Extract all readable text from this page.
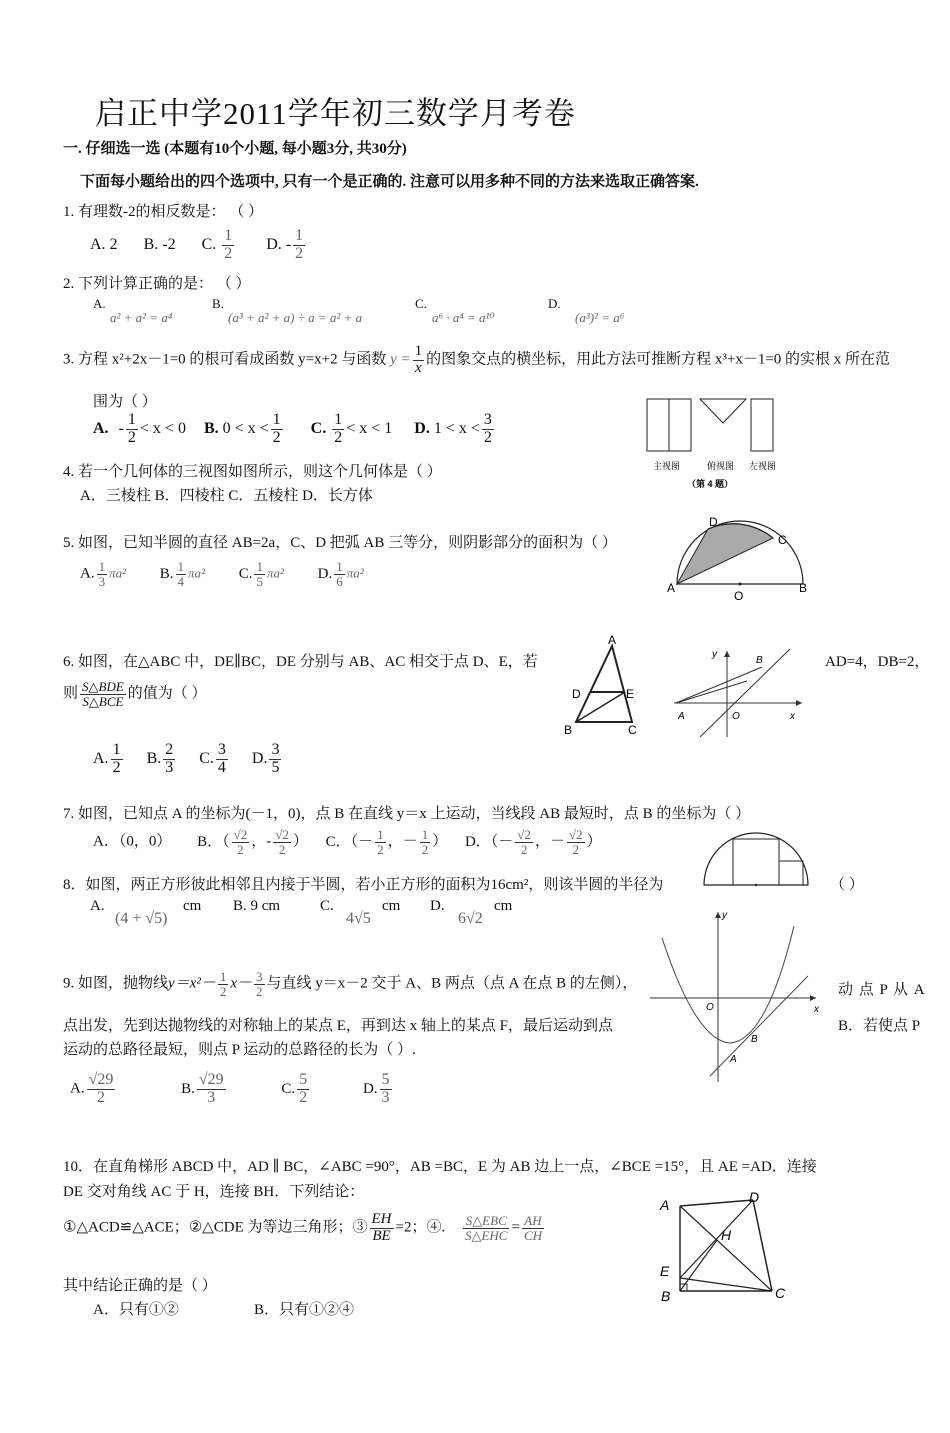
启正中学2011学年初三数学月考卷
一. 仔细选一选 (本题有10个小题, 每小题3分, 共30分)
下面每小题给出的四个选项中, 只有一个是正确的. 注意可以用多种不同的方法来选取正确答案.
1. 有理数-2的相反数是： （ ）
A. 2 B. -2 C. $\frac{1}{2} D$. - $\frac{1}{2}$
2. 下列计算正确的是： （ ）
A.
a² + a² = a⁴
B.
(a³ + a² + a) ÷ a = a² + a
C.
a⁶ · a⁴ = a¹⁰
D.
(a³)² = a⁶
3. 方程 x²+2x－1=0 的根可看成函数 y=x+2 与函数 $y = \frac{1}{x}$ 的图象交点的横坐标，用此方法可推断方程 x³+x－1=0 的实根 x 所在范
围为（ ）
A. - $\frac{1}{2} < x < 0$ B. $0 < x < \frac{1}{2} C$. $\frac{1}{2} < x < 1$ D. $1 < x < \frac{3}{2}$
主视图	俯视图 左视图
（第 4 题）
4. 若一个几何体的三视图如图所示，则这个几何体是（ ）
A．三棱柱 B．四棱柱 C．五棱柱 D．长方体
5. 如图，已知半圆的直径 AB=2a，C、D 把弧 AB 三等分，则阴影部分的面积为（ ）
A. $\frac{1}{3} \pi a^2$ B. $\frac{1}{4} \pi a^2$ C. $\frac{1}{5} \pi a^2$ D. $\frac{1}{6} \pi a^2$
D
C
A
O
B
6. 如图，在△ABC 中，DE∥BC，DE 分别与 AB、AC 相交于点 D、E，若	AD=4，DB=2，
则 $\frac{\text{S△BDE}}{\text{S△BCE}}$ 的值为（ ）
A. $\frac{1}{2} B$. $\frac{2}{3} C$. $\frac{3}{4} D$. $\frac{3}{5}$
A
D	E
B	C
y
B
A	O	x
7. 如图，已知点 A 的坐标为(－1，0)，点 B 在直线 y＝x 上运动，当线段 AB 最短时，点 B 的坐标为（ ）
A．（0，0） B．（ $\frac{√2}{2}$ ，- $\frac{√2}{2}$ ） C．（－ $\frac{1}{2}$ ，－ $\frac{1}{2}$ ） D．（－ $\frac{√2}{2}$ ，－ $\frac{√2}{2}$ ）
8．如图，两正方形彼此相邻且内接于半圆，若小正方形的面积为16cm²，则该半圆的半径为	（ ）
A.
(4 + √5)
cm B. 9 cm	C.
4√5
cm D.
6√2
cm
y
O	x
B
A
9. 如图，抛物线$y=x^2- \frac{1}{2} x- \frac{3}{2}$ 与直线 y＝x－2 交于 A、B 两点（点 A 在点 B 的左侧），	动 点 P 从 A
点出发，先到达抛物线的对称轴上的某点 E，再到达 x 轴上的某点 F，最后运动到点	B．若使点 P
运动的总路径最短，则点 P 运动的总路径的长为（ ）.
A. $\frac{√29}{2}$	B. $\frac{√29}{3}$	C. $\frac{5}{2}$	D. $\frac{5}{3}$
10．在直角梯形 ABCD 中，AD ∥ BC，∠ABC =90°，AB =BC，E 为 AB 边上一点，∠BCE =15°，且 AE =AD．连接
DE 交对角线 AC 于 H，连接 BH．下列结论：
①△ACD≌△ACE；②△CDE 为等边三角形；③ $\frac{EH}{BE} =2$；④. $\frac{\text{S△EBC}}{\text{S△EHC}} = \frac{AH}{CH}$
其中结论正确的是（ ）
A．只有①②	B．只有①②④
A	D
H
E
B	C
